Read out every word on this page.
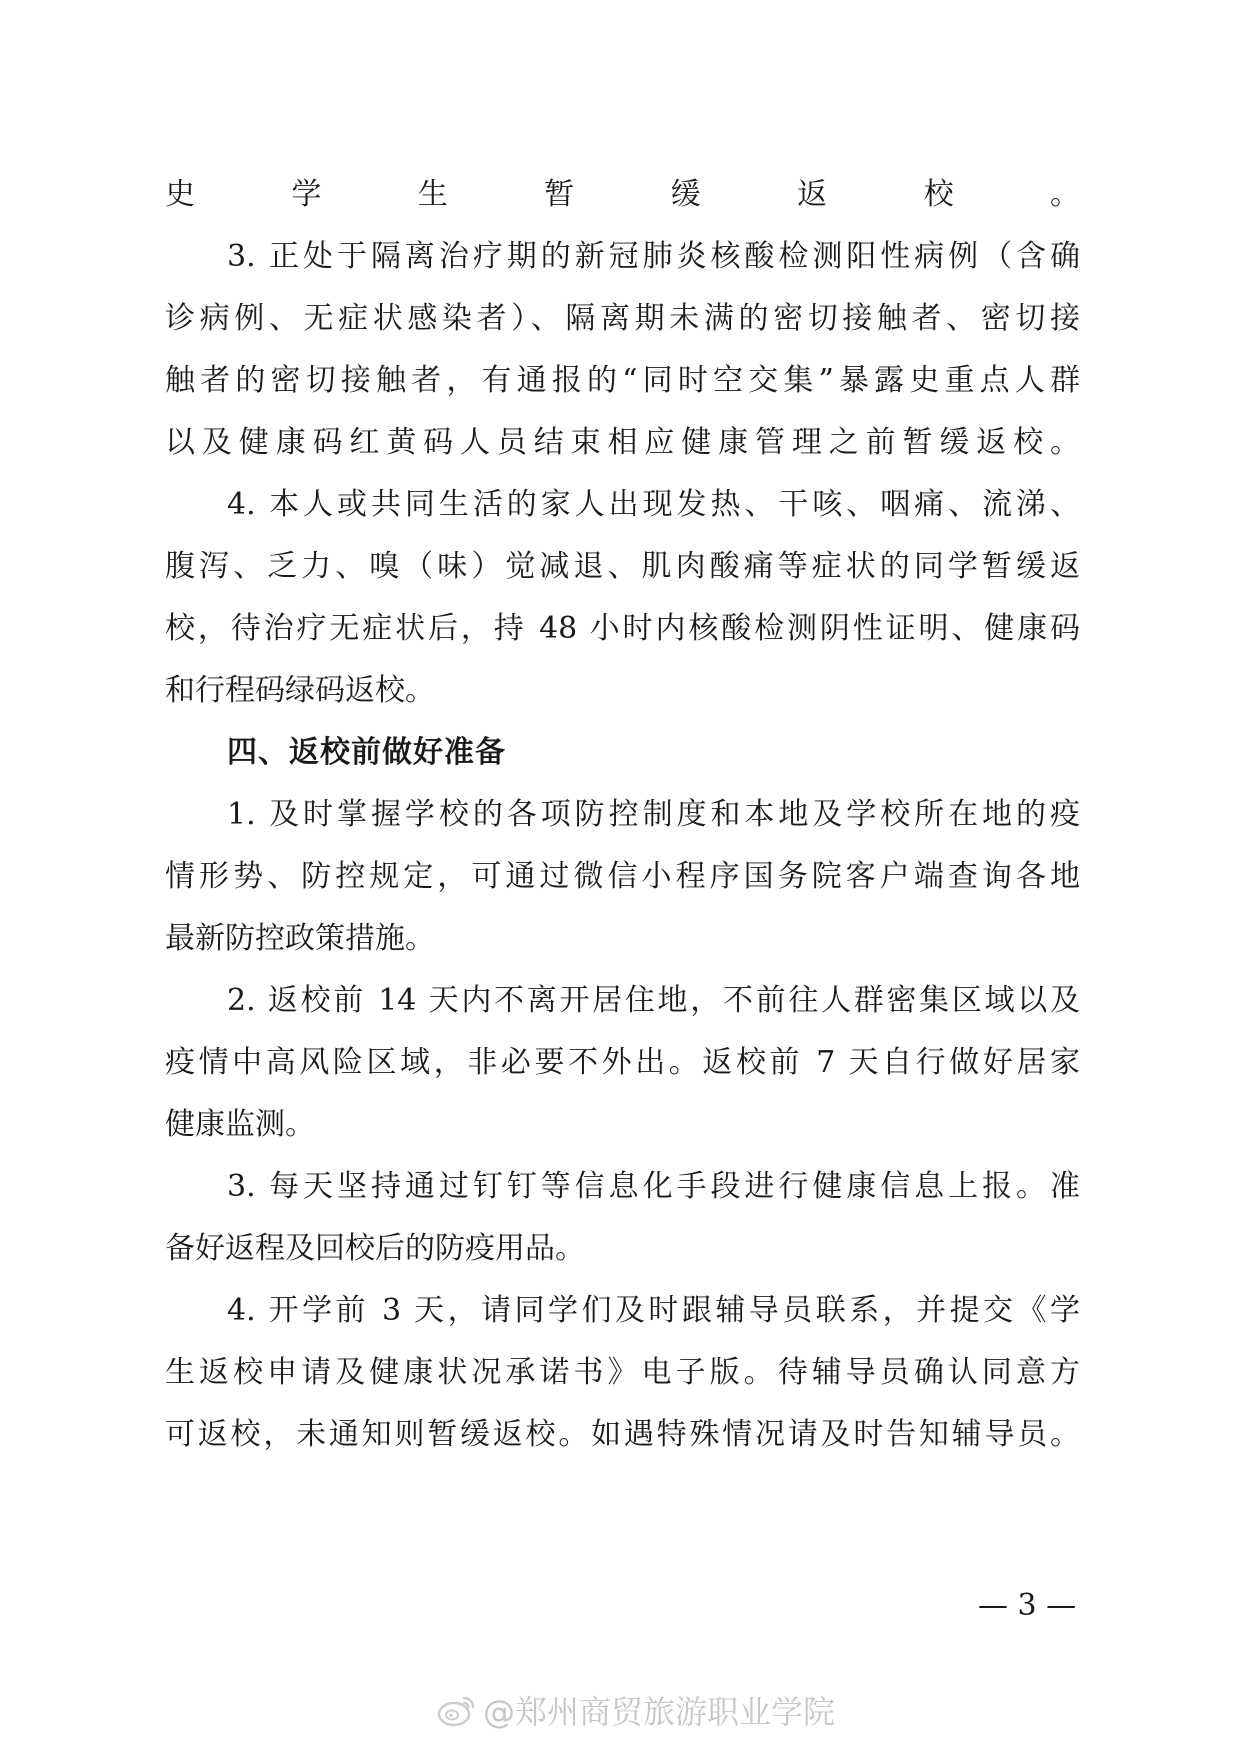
史学生暂缓返校。
3. 正处于隔离治疗期的新冠肺炎核酸检测阳性病例（含确
诊病例、无症状感染者）、隔离期未满的密切接触者、密切接
触者的密切接触者，有通报的“同时空交集”暴露史重点人群
以及健康码红黄码人员结束相应健康管理之前暂缓返校。
4. 本人或共同生活的家人出现发热、干咳、咽痛、流涕、
腹泻、乏力、嗅（味）觉减退、肌肉酸痛等症状的同学暂缓返
校，待治疗无症状后，持 48 小时内核酸检测阴性证明、健康码
和行程码绿码返校。
四、返校前做好准备
1. 及时掌握学校的各项防控制度和本地及学校所在地的疫
情形势、防控规定，可通过微信小程序国务院客户端查询各地
最新防控政策措施。
2. 返校前 14 天内不离开居住地，不前往人群密集区域以及
疫情中高风险区域，非必要不外出。返校前 7 天自行做好居家
健康监测。
3. 每天坚持通过钉钉等信息化手段进行健康信息上报。准
备好返程及回校后的防疫用品。
4. 开学前 3 天，请同学们及时跟辅导员联系，并提交《学
生返校申请及健康状况承诺书》电子版。待辅导员确认同意方
可返校，未通知则暂缓返校。如遇特殊情况请及时告知辅导员。
— 3 —
@郑州商贸旅游职业学院
